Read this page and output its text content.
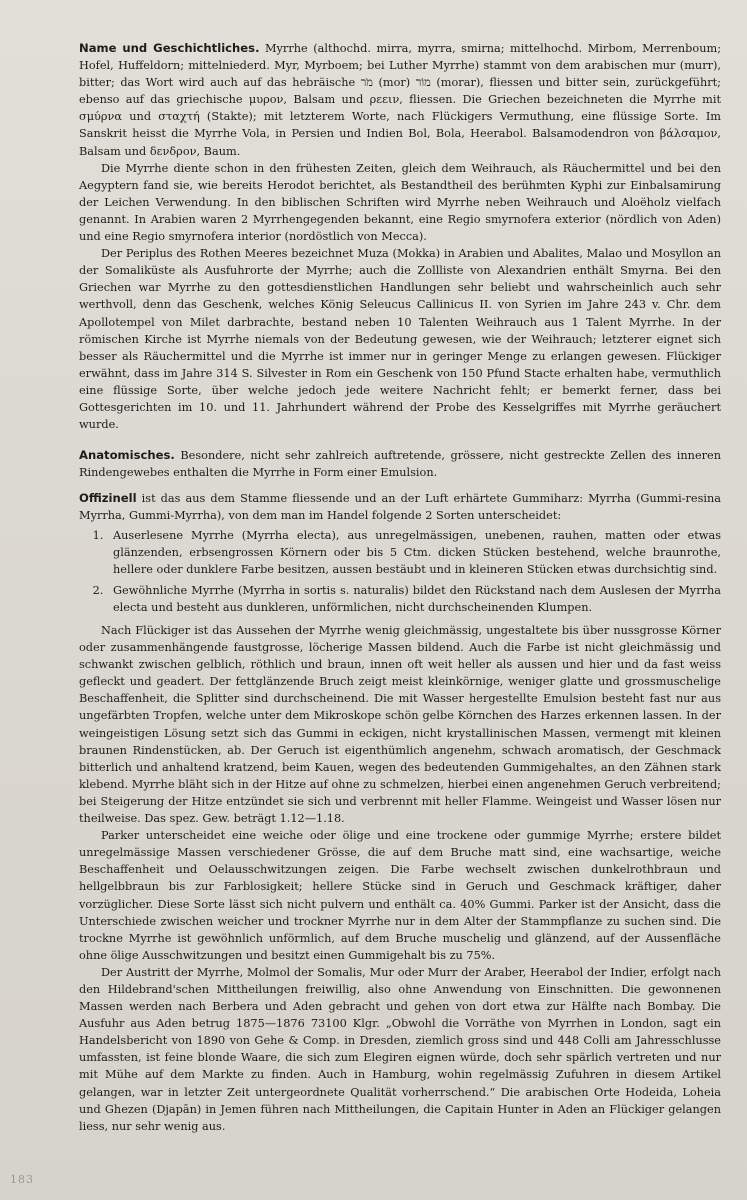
Name und Geschichtliches. Myrrhe (althochd. mirra, myrra, smirna; mittelhochd. Mirbom, Merrenboum; Hofel, Huffeldorn; mittelniederd. Myr, Myrboem; bei Luther Myrrhe) stammt von dem arabischen mur (murr), bitter; das Wort wird auch auf das hebräische מֹר (mor) מוֹר (morar), fliessen und bitter sein, zurückgeführt; ebenso auf das griechische μυρον, Balsam und ρεειν, fliessen. Die Griechen bezeichneten die Myrrhe mit σμύρνα und σταχτή (Stakte); mit letzterem Worte, nach Flückigers Vermuthung, eine flüssige Sorte. Im Sanskrit heisst die Myrrhe Vola, in Persien und Indien Bol, Bola, Heerabol. Balsamodendron von βάλσαμον, Balsam und δενδρον, Baum.

Die Myrrhe diente schon in den frühesten Zeiten, gleich dem Weihrauch, als Räuchermittel und bei den Aegyptern fand sie, wie bereits Herodot berichtet, als Bestandtheil des berühmten Kyphi zur Einbalsamirung der Leichen Verwendung. In den biblischen Schriften wird Myrrhe neben Weihrauch und Aloëholz vielfach genannt. In Arabien waren 2 Myrrhengegenden bekannt, eine Regio smyrnofera exterior (nördlich von Aden) und eine Regio smyrnofera interior (nordöstlich von Mecca).

Der Periplus des Rothen Meeres bezeichnet Muza (Mokka) in Arabien und Abalites, Malao und Mosyllon an der Somaliküste als Ausfuhrorte der Myrrhe; auch die Zollliste von Alexandrien enthält Smyrna. Bei den Griechen war Myrrhe zu den gottesdienstlichen Handlungen sehr beliebt und wahrscheinlich auch sehr werthvoll, denn das Geschenk, welches König Seleucus Callinicus II. von Syrien im Jahre 243 v. Chr. dem Apollotempel von Milet darbrachte, bestand neben 10 Talenten Weihrauch aus 1 Talent Myrrhe. In der römischen Kirche ist Myrrhe niemals von der Bedeutung gewesen, wie der Weihrauch; letzterer eignet sich besser als Räuchermittel und die Myrrhe ist immer nur in geringer Menge zu erlangen gewesen. Flückiger erwähnt, dass im Jahre 314 S. Silvester in Rom ein Geschenk von 150 Pfund Stacte erhalten habe, vermuthlich eine flüssige Sorte, über welche jedoch jede weitere Nachricht fehlt; er bemerkt ferner, dass bei Gottesgerichten im 10. und 11. Jahrhundert während der Probe des Kesselgriffes mit Myrrhe geräuchert wurde.

Anatomisches. Besondere, nicht sehr zahlreich auftretende, grössere, nicht gestreckte Zellen des inneren Rindengewebes enthalten die Myrrhe in Form einer Emulsion.

Offizinell ist das aus dem Stamme fliessende und an der Luft erhärtete Gummiharz: Myrrha (Gummi-resina Myrrha, Gummi-Myrrha), von dem man im Handel folgende 2 Sorten unterscheidet:

1. Auserlesene Myrrhe (Myrrha electa), aus unregelmässigen, unebenen, rauhen, matten oder etwas glänzenden, erbsengrossen Körnern oder bis 5 Ctm. dicken Stücken bestehend, welche braunrothe, hellere oder dunklere Farbe besitzen, aussen bestäubt und in kleineren Stücken etwas durchsichtig sind.
2. Gewöhnliche Myrrhe (Myrrha in sortis s. naturalis) bildet den Rückstand nach dem Auslesen der Myrrha electa und besteht aus dunkleren, unförmlichen, nicht durchscheinenden Klumpen.

Nach Flückiger ist das Aussehen der Myrrhe wenig gleichmässig, ungestaltete bis über nussgrosse Körner oder zusammenhängende faustgrosse, löcherige Massen bildend. Auch die Farbe ist nicht gleichmässig und schwankt zwischen gelblich, röthlich und braun, innen oft weit heller als aussen und hier und da fast weiss gefleckt und geadert. Der fettglänzende Bruch zeigt meist kleinkörnige, weniger glatte und grossmuschelige Beschaffenheit, die Splitter sind durchscheinend. Die mit Wasser hergestellte Emulsion besteht fast nur aus ungefärbten Tropfen, welche unter dem Mikroskope schön gelbe Körnchen des Harzes erkennen lassen. In der weingeistigen Lösung setzt sich das Gummi in eckigen, nicht krystallinischen Massen, vermengt mit kleinen braunen Rindenstücken, ab. Der Geruch ist eigenthümlich angenehm, schwach aromatisch, der Geschmack bitterlich und anhaltend kratzend, beim Kauen, wegen des bedeutenden Gummigehaltes, an den Zähnen stark klebend. Myrrhe bläht sich in der Hitze auf ohne zu schmelzen, hierbei einen angenehmen Geruch verbreitend; bei Steigerung der Hitze entzündet sie sich und verbrennt mit heller Flamme. Weingeist und Wasser lösen nur theilweise. Das spez. Gew. beträgt 1.12—1.18.

Parker unterscheidet eine weiche oder ölige und eine trockene oder gummige Myrrhe; erstere bildet unregelmässige Massen verschiedener Grösse, die auf dem Bruche matt sind, eine wachsartige, weiche Beschaffenheit und Oelausschwitzungen zeigen. Die Farbe wechselt zwischen dunkelrothbraun und hellgelbbraun bis zur Farblosigkeit; hellere Stücke sind in Geruch und Geschmack kräftiger, daher vorzüglicher. Diese Sorte lässt sich nicht pulvern und enthält ca. 40% Gummi. Parker ist der Ansicht, dass die Unterschiede zwischen weicher und trockner Myrrhe nur in dem Alter der Stammpflanze zu suchen sind. Die trockne Myrrhe ist gewöhnlich unförmlich, auf dem Bruche muschelig und glänzend, auf der Aussenfläche ohne ölige Ausschwitzungen und besitzt einen Gummigehalt bis zu 75%.

Der Austritt der Myrrhe, Molmol der Somalis, Mur oder Murr der Araber, Heerabol der Indier, erfolgt nach den Hildebrand'schen Mittheilungen freiwillig, also ohne Anwendung von Einschnitten. Die gewonnenen Massen werden nach Berbera und Aden gebracht und gehen von dort etwa zur Hälfte nach Bombay. Die Ausfuhr aus Aden betrug 1875—1876 73100 Klgr. „Obwohl die Vorräthe von Myrrhen in London, sagt ein Handelsbericht von 1890 von Gehe & Comp. in Dresden, ziemlich gross sind und 448 Colli am Jahresschlusse umfassten, ist feine blonde Waare, die sich zum Elegiren eignen würde, doch sehr spärlich vertreten und nur mit Mühe auf dem Markte zu finden. Auch in Hamburg, wohin regelmässig Zufuhren in diesem Artikel gelangen, war in letzter Zeit untergeordnete Qualität vorherrschend.“ Die arabischen Orte Hodeida, Loheia und Ghezen (Djapān) in Jemen führen nach Mittheilungen, die Capitain Hunter in Aden an Flückiger gelangen liess, nur sehr wenig aus.

183
